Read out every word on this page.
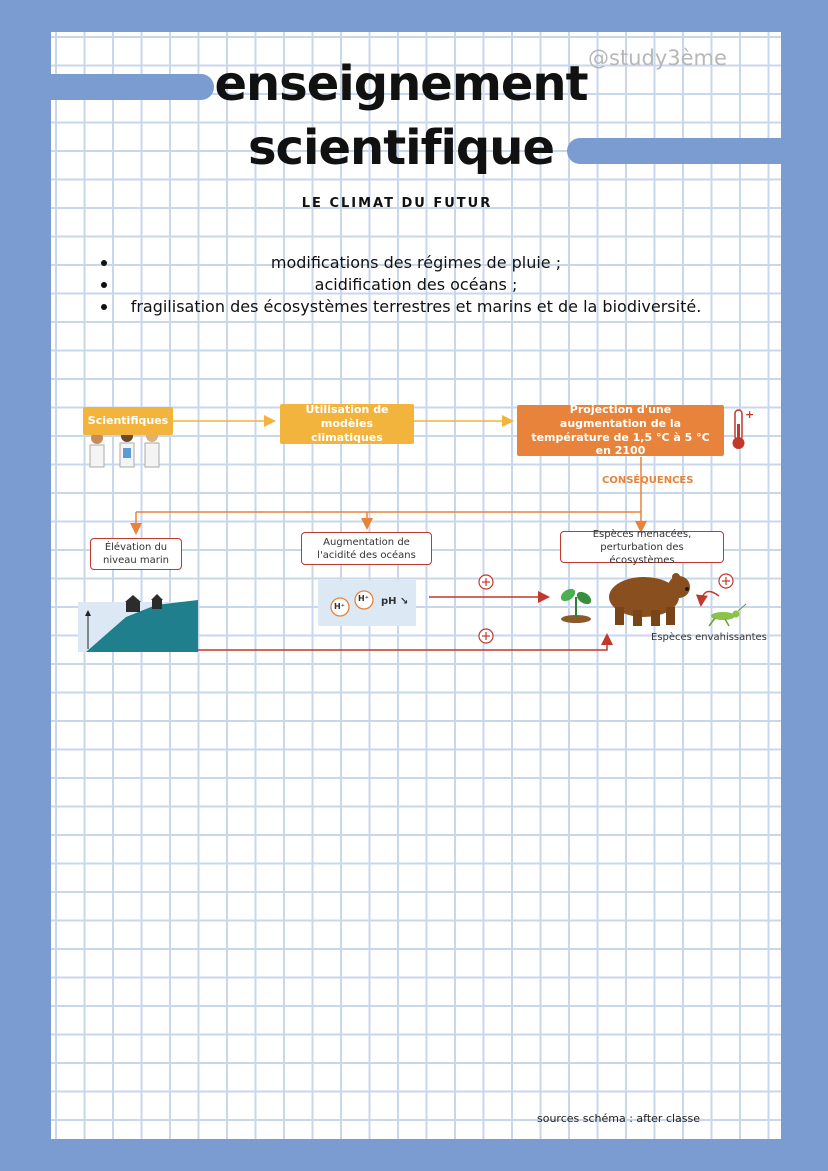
enseignement
scientifique
@study3ème
LE CLIMAT DU FUTUR
modifications des régimes de pluie ;
acidification des océans ;
fragilisation des écosystèmes terrestres et marins et de la biodiversité.
+
Scientifiques
Utilisation de modèles climatiques
Projection d'une augmentation de la température de 1,5 °C à 5 °C en 2100
CONSÉQUENCES
Élévation du niveau marin
Augmentation de l'acidité des océans
Espèces menacées, perturbation des écosystèmes
H⁺
H⁺ pH ↘
Espèces envahissantes
sources schéma : after classe
